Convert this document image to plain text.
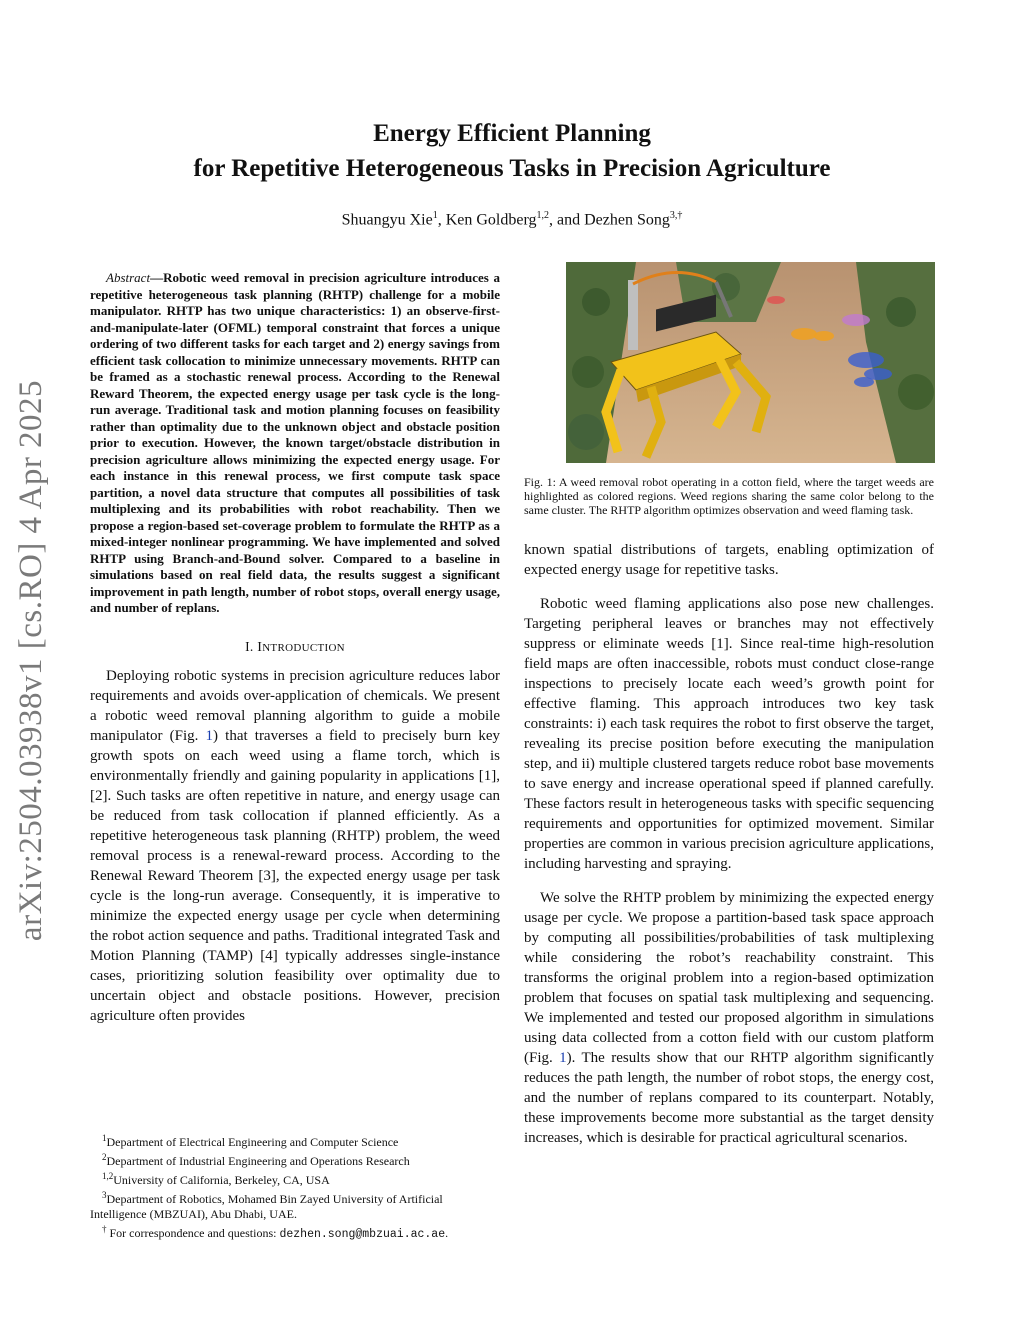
arXiv:2504.03938v1 [cs.RO] 4 Apr 2025
Energy Efficient Planning
for Repetitive Heterogeneous Tasks in Precision Agriculture
Shuangyu Xie$^1$, Ken Goldberg$^{1,2}$, and Dezhen Song$^{3,\dagger}$

Abstract—Robotic weed removal in precision agriculture introduces a repetitive heterogeneous task planning (RHTP) challenge for a mobile manipulator. RHTP has two unique characteristics: 1) an observe-first-and-manipulate-later (OFML) temporal constraint that forces a unique ordering of two different tasks for each target and 2) energy savings from efficient task collocation to minimize unnecessary movements. RHTP can be framed as a stochastic renewal process. According to the Renewal Reward Theorem, the expected energy usage per task cycle is the long-run average. Traditional task and motion planning focuses on feasibility rather than optimality due to the unknown object and obstacle position prior to execution. However, the known target/obstacle distribution in precision agriculture allows minimizing the expected energy usage. For each instance in this renewal process, we first compute task space partition, a novel data structure that computes all possibilities of task multiplexing and its probabilities with robot reachability. Then we propose a region-based set-coverage problem to formulate the RHTP as a mixed-integer nonlinear programming. We have implemented and solved RHTP using Branch-and-Bound solver. Compared to a baseline in simulations based on real field data, the results suggest a significant improvement in path length, number of robot stops, overall energy usage, and number of replans.

I. INTRODUCTION

Deploying robotic systems in precision agriculture reduces labor requirements and avoids over-application of chemicals. We present a robotic weed removal planning algorithm to guide a mobile manipulator (Fig. 1) that traverses a field to precisely burn key growth spots on each weed using a flame torch, which is environmentally friendly and gaining popularity in applications [1], [2]. Such tasks are often repetitive in nature, and energy usage can be reduced from task collocation if planned efficiently. As a repetitive heterogeneous task planning (RHTP) problem, the weed removal process is a renewal-reward process. According to the Renewal Reward Theorem [3], the expected energy usage per task cycle is the long-run average. Consequently, it is imperative to minimize the expected energy usage per cycle when determining the robot action sequence and paths. Traditional integrated Task and Motion Planning (TAMP) [4] typically addresses single-instance cases, prioritizing solution feasibility over optimality due to uncertain object and obstacle positions. However, precision agriculture often provides

$^1$Department of Electrical Engineering and Computer Science
$^2$Department of Industrial Engineering and Operations Research
$^{1,2}$University of California, Berkeley, CA, USA
$^3$Department of Robotics, Mohamed Bin Zayed University of Artificial Intelligence (MBZUAI), Abu Dhabi, UAE.
† For correspondence and questions: dezhen.song@mbzuai.ac.ae.
Fig. 1: A weed removal robot operating in a cotton field, where the target weeds are highlighted as colored regions. Weed regions sharing the same color belong to the same cluster. The RHTP algorithm optimizes observation and weed flaming task.

known spatial distributions of targets, enabling optimization of expected energy usage for repetitive tasks.

Robotic weed flaming applications also pose new challenges. Targeting peripheral leaves or branches may not effectively suppress or eliminate weeds [1]. Since real-time high-resolution field maps are often inaccessible, robots must conduct close-range inspections to precisely locate each weed’s growth point for effective flaming. This approach introduces two key task constraints: i) each task requires the robot to first observe the target, revealing its precise position before executing the manipulation step, and ii) multiple clustered targets reduce robot base movements to save energy and increase operational speed if planned carefully. These factors result in heterogeneous tasks with specific sequencing requirements and opportunities for optimized movement. Similar properties are common in various precision agriculture applications, including harvesting and spraying.

We solve the RHTP problem by minimizing the expected energy usage per cycle. We propose a partition-based task space approach by computing all possibilities/probabilities of task multiplexing while considering the robot’s reachability constraint. This transforms the original problem into a region-based optimization problem that focuses on spatial task multiplexing and sequencing. We implemented and tested our proposed algorithm in simulations using data collected from a cotton field with our custom platform (Fig. 1). The results show that our RHTP algorithm significantly reduces the path length, the number of robot stops, the energy cost, and the number of replans compared to its counterpart. Notably, these improvements become more substantial as the target density increases, which is desirable for practical agricultural scenarios.
